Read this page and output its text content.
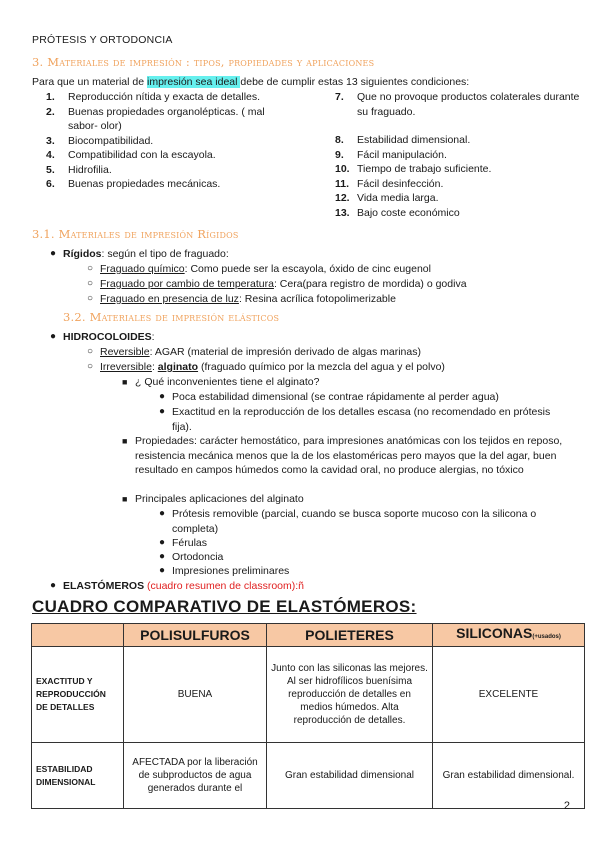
PRÓTESIS Y ORTODONCIA
3. Materiales de impresión : tipos, propiedades y aplicaciones
Para que un material de impresión sea ideal debe de cumplir estas 13 siguientes condiciones:
1. Reproducción nítida y exacta de detalles.
2. Buenas propiedades organolépticas. ( mal sabor- olor)
3. Biocompatibilidad.
4. Compatibilidad con la escayola.
5. Hidrofilia.
6. Buenas propiedades mecánicas.
7. Que no provoque productos colaterales durante su fraguado.
8. Estabilidad dimensional.
9. Fácil manipulación.
10. Tiempo de trabajo suficiente.
11. Fácil desinfección.
12. Vida media larga.
13. Bajo coste económico
3.1. Materiales de impresión Rígidos
● Rígidos: según el tipo de fraguado:
○ Fraguado químico: Como puede ser la escayola, óxido de cinc eugenol
○ Fraguado por cambio de temperatura: Cera(para registro de mordida) o godiva
○ Fraguado en presencia de luz: Resina acrílica fotopolimerizable
3.2. Materiales de impresión elásticos
● HIDROCOLOIDES:
○ Reversible: AGAR (material de impresión derivado de algas marinas)
○ Irreversible: alginato (fraguado químico por la mezcla del agua y el polvo)
■ ¿ Qué inconvenientes tiene el alginato?
● Poca estabilidad dimensional (se contrae rápidamente al perder agua)
● Exactitud en la reproducción de los detalles escasa (no recomendado en prótesis fija).
■ Propiedades: carácter hemostático, para impresiones anatómicas con los tejidos en reposo, resistencia mecánica menos que la de los elastoméricas pero mayos que la del agar, buen resultado en campos húmedos como la cavidad oral, no produce alergias, no tóxico
■ Principales aplicaciones del alginato
● Prótesis removible (parcial, cuando se busca soporte mucoso con la silicona o completa)
● Férulas
● Ortodoncia
● Impresiones preliminares
● ELASTÓMEROS (cuadro resumen de classroom):ñ
CUADRO COMPARATIVO DE ELASTÓMEROS:
	POLISULFUROS	POLIETERES	SILICONAS(+usados)
EXACTITUD Y REPRODUCCIÓN DE DETALLES	BUENA	Junto con las siliconas las mejores. Al ser hidrofílicos buenísima reproducción de detalles en medios húmedos. Alta reproducción de detalles.	EXCELENTE
ESTABILIDAD DIMENSIONAL	AFECTADA por la liberación de subproductos de agua generados durante el	Gran estabilidad dimensional	Gran estabilidad dimensional.
2
